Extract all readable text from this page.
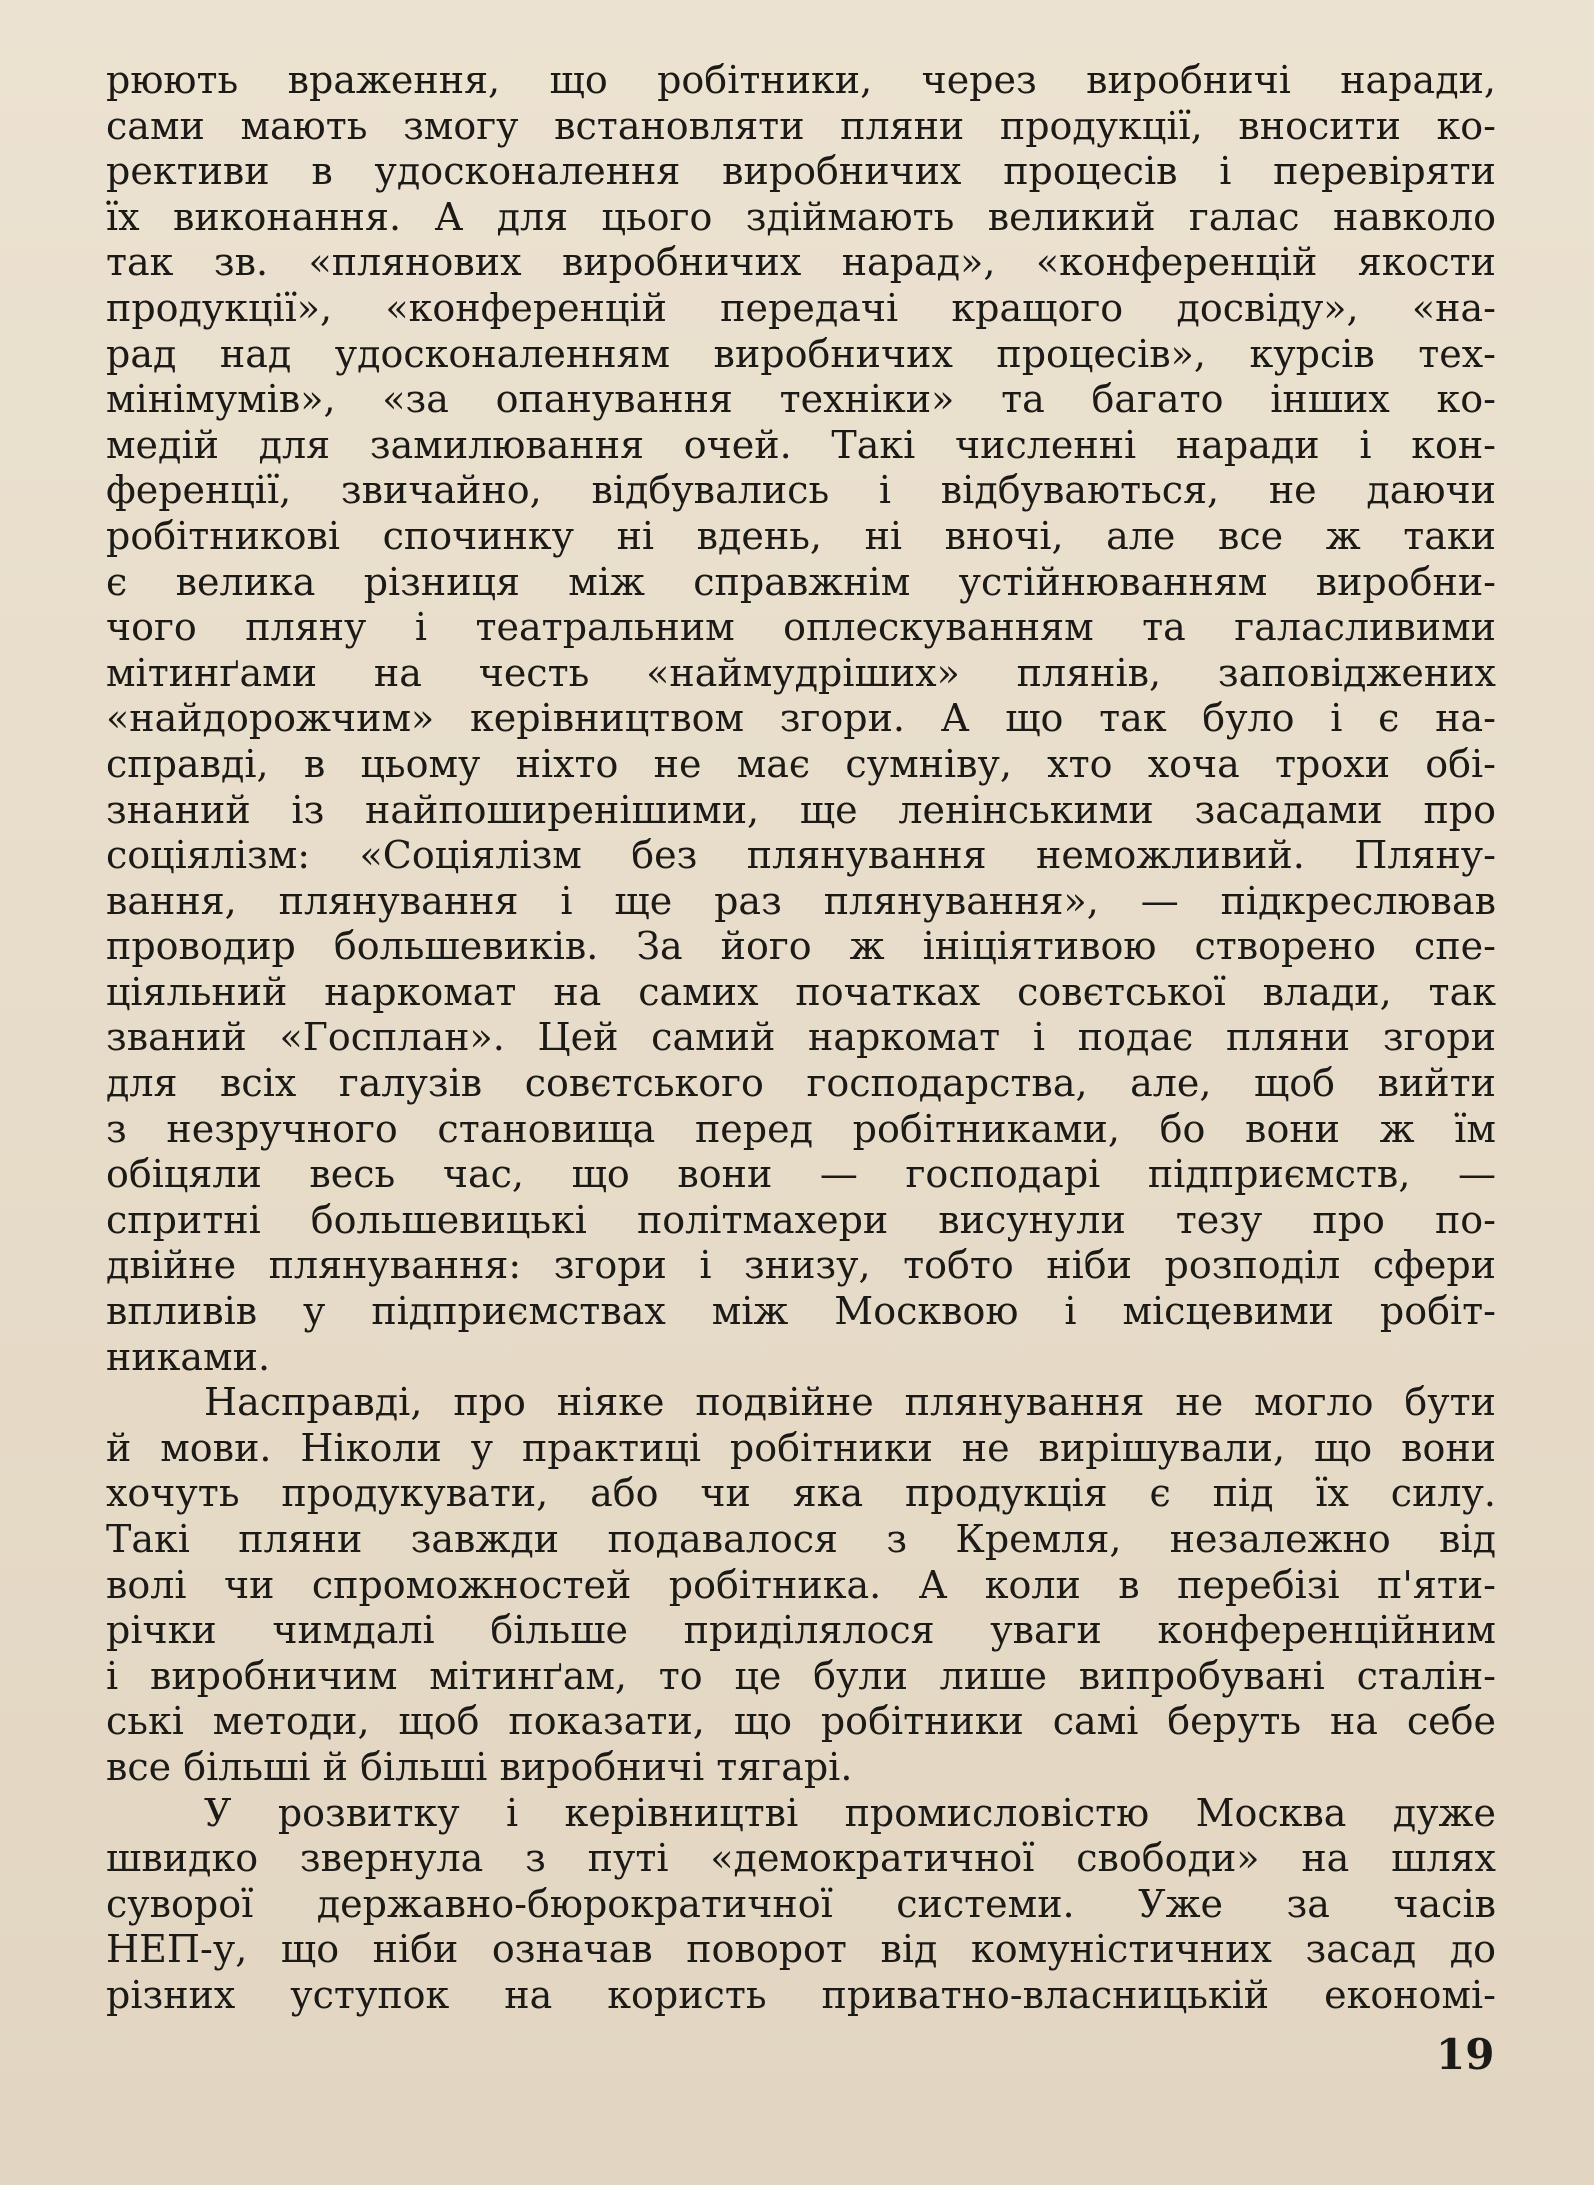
рюють враження, що робітники, через виробничі наради,
сами мають змогу встановляти пляни продукції, вносити ко-
рективи в удосконалення виробничих процесів і перевіряти
їх виконання. А для цього здіймають великий галас навколо
так зв. «плянових виробничих нарад», «конференцій якости
продукції», «конференцій передачі кращого досвіду», «на-
рад над удосконаленням виробничих процесів», курсів тех-
мінімумів», «за опанування техніки» та багато інших ко-
медій для замилювання очей. Такі численні наради і кон-
ференції, звичайно, відбувались і відбуваються, не даючи
робітникові спочинку ні вдень, ні вночі, але все ж таки
є велика різниця між справжнім устійнюванням виробни-
чого пляну і театральним оплескуванням та галасливими
мітинґами на честь «наймудріших» плянів, заповіджених
«найдорожчим» керівництвом згори. А що так було і є на-
справді, в цьому ніхто не має сумніву, хто хоча трохи обі-
знаний із найпоширенішими, ще ленінськими засадами про
соціялізм: «Соціялізм без плянування неможливий. Пляну-
вання, плянування і ще раз плянування», — підкреслював
проводир большевиків. За його ж ініціятивою створено спе-
ціяльний наркомат на самих початках совєтської влади, так
званий «Госплан». Цей самий наркомат і подає пляни згори
для всіх галузів совєтського господарства, але, щоб вийти
з незручного становища перед робітниками, бо вони ж їм
обіцяли весь час, що вони — господарі підприємств, —
спритні большевицькі політмахери висунули тезу про по-
двійне плянування: згори і знизу, тобто ніби розподіл сфери
впливів у підприємствах між Москвою і місцевими робіт-
никами.
Насправді, про ніяке подвійне плянування не могло бути
й мови. Ніколи у практиці робітники не вирішували, що вони
хочуть продукувати, або чи яка продукція є під їх силу.
Такі пляни завжди подавалося з Кремля, незалежно від
волі чи спроможностей робітника. А коли в перебізі п'яти-
річки чимдалі більше приділялося уваги конференційним
і виробничим мітинґам, то це були лише випробувані сталін-
ські методи, щоб показати, що робітники самі беруть на себе
все більші й більші виробничі тягарі.
У розвитку і керівництві промисловістю Москва дуже
швидко звернула з путі «демократичної свободи» на шлях
суворої державно-бюрократичної системи. Уже за часів
НЕП-у, що ніби означав поворот від комуністичних засад до
різних уступок на користь приватно-власницькій економі-
19
